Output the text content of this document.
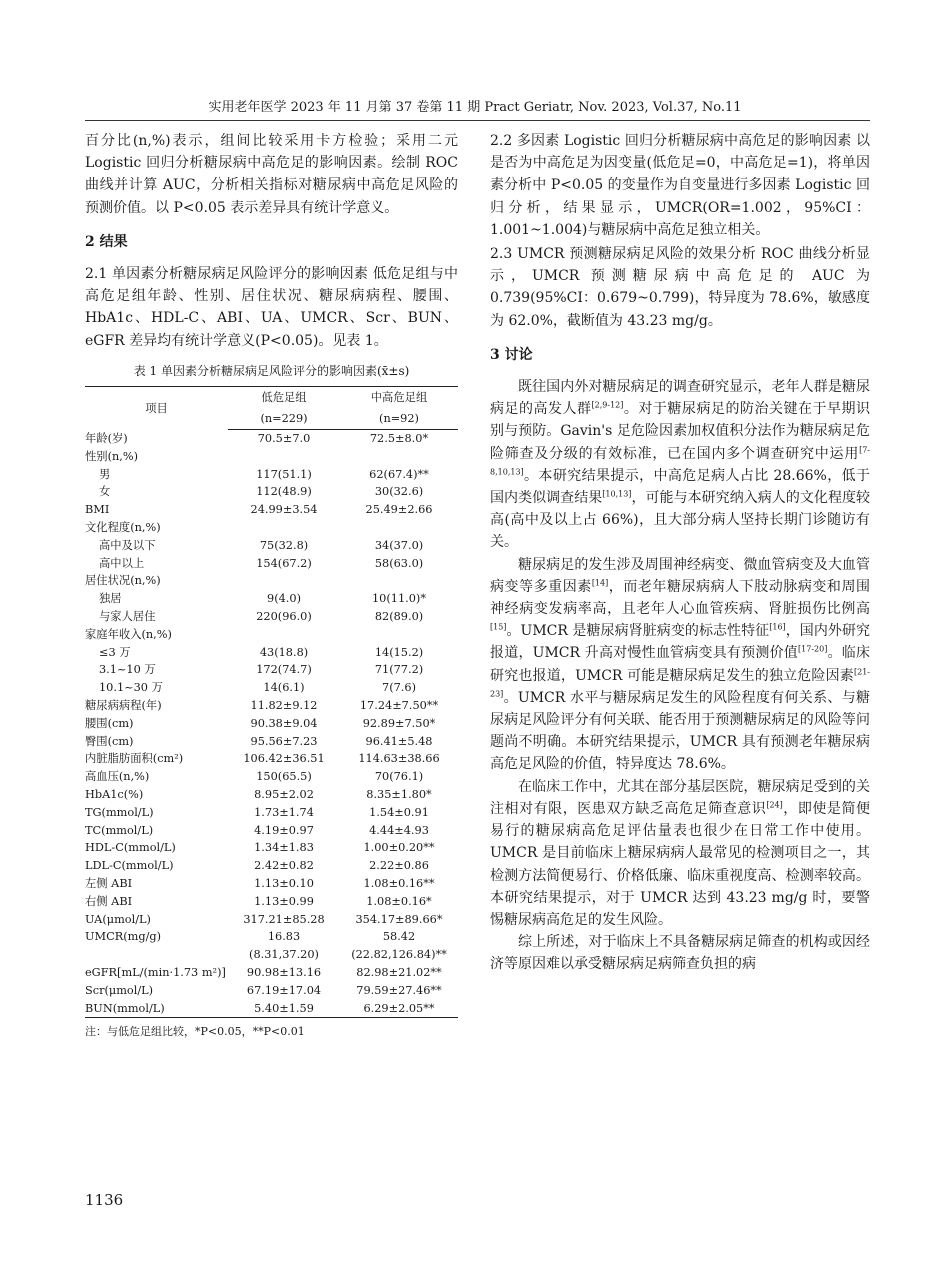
实用老年医学 2023 年 11 月第 37 卷第 11 期 Pract Geriatr, Nov. 2023, Vol.37, No.11

百分比(n,%)表示，组间比较采用卡方检验；采用二元 Logistic 回归分析糖尿病中高危足的影响因素。绘制 ROC 曲线并计算 AUC，分析相关指标对糖尿病中高危足风险的预测价值。以 P<0.05 表示差异具有统计学意义。

2 结果

2.1 单因素分析糖尿病足风险评分的影响因素 低危足组与中高危足组年龄、性别、居住状况、糖尿病病程、腰围、HbA1c、HDL-C、ABI、UA、UMCR、Scr、BUN、eGFR 差异均有统计学意义(P<0.05)。见表 1。

表 1 单因素分析糖尿病足风险评分的影响因素(x̄±s)
项目	低危足组	中高危足组
	(n=229)	(n=92)
年龄(岁)	70.5±7.0	72.5±8.0*
性别(n,%)		
男	117(51.1)	62(67.4)**
女	112(48.9)	30(32.6)
BMI	24.99±3.54	25.49±2.66
文化程度(n,%)		
高中及以下	75(32.8)	34(37.0)
高中以上	154(67.2)	58(63.0)
居住状况(n,%)		
独居	9(4.0)	10(11.0)*
与家人居住	220(96.0)	82(89.0)
家庭年收入(n,%)		
≤3 万	43(18.8)	14(15.2)
3.1~10 万	172(74.7)	71(77.2)
10.1~30 万	14(6.1)	7(7.6)
糖尿病病程(年)	11.82±9.12	17.24±7.50**
腰围(cm)	90.38±9.04	92.89±7.50*
臀围(cm)	95.56±7.23	96.41±5.48
内脏脂肪面积(cm²)	106.42±36.51	114.63±38.66
高血压(n,%)	150(65.5)	70(76.1)
HbA1c(%)	8.95±2.02	8.35±1.80*
TG(mmol/L)	1.73±1.74	1.54±0.91
TC(mmol/L)	4.19±0.97	4.44±4.93
HDL-C(mmol/L)	1.34±1.83	1.00±0.20**
LDL-C(mmol/L)	2.42±0.82	2.22±0.86
左侧 ABI	1.13±0.10	1.08±0.16**
右侧 ABI	1.13±0.99	1.08±0.16*
UA(μmol/L)	317.21±85.28	354.17±89.66*
UMCR(mg/g)	16.83	58.42
	(8.31,37.20)	(22.82,126.84)**
eGFR[mL/(min·1.73 m²)]	90.98±13.16	82.98±21.02**
Scr(μmol/L)	67.19±17.04	79.59±27.46**
BUN(mmol/L)	5.40±1.59	6.29±2.05**
注：与低危足组比较，*P<0.05，**P<0.01

2.2 多因素 Logistic 回归分析糖尿病中高危足的影响因素 以是否为中高危足为因变量(低危足=0，中高危足=1)，将单因素分析中 P<0.05 的变量作为自变量进行多因素 Logistic 回归分析，结果显示，UMCR(OR=1.002，95%CI：1.001~1.004)与糖尿病中高危足独立相关。

2.3 UMCR 预测糖尿病足风险的效果分析 ROC 曲线分析显示，UMCR 预测糖尿病中高危足的 AUC 为 0.739(95%CI：0.679~0.799)，特异度为 78.6%，敏感度为 62.0%，截断值为 43.23 mg/g。

3 讨论

既往国内外对糖尿病足的调查研究显示，老年人群是糖尿病足的高发人群[2,9-12]。对于糖尿病足的防治关键在于早期识别与预防。Gavin's 足危险因素加权值积分法作为糖尿病足危险筛查及分级的有效标准，已在国内多个调查研究中运用[7-8,10,13]。本研究结果提示，中高危足病人占比 28.66%，低于国内类似调查结果[10,13]，可能与本研究纳入病人的文化程度较高(高中及以上占 66%)，且大部分病人坚持长期门诊随访有关。

糖尿病足的发生涉及周围神经病变、微血管病变及大血管病变等多重因素[14]，而老年糖尿病病人下肢动脉病变和周围神经病变发病率高，且老年人心血管疾病、肾脏损伤比例高[15]。UMCR 是糖尿病肾脏病变的标志性特征[16]，国内外研究报道，UMCR 升高对慢性血管病变具有预测价值[17-20]。临床研究也报道，UMCR 可能是糖尿病足发生的独立危险因素[21-23]。UMCR 水平与糖尿病足发生的风险程度有何关系、与糖尿病足风险评分有何关联、能否用于预测糖尿病足的风险等问题尚不明确。本研究结果提示，UMCR 具有预测老年糖尿病高危足风险的价值，特异度达 78.6%。

在临床工作中，尤其在部分基层医院，糖尿病足受到的关注相对有限，医患双方缺乏高危足筛查意识[24]，即使是简便易行的糖尿病高危足评估量表也很少在日常工作中使用。UMCR 是目前临床上糖尿病病人最常见的检测项目之一，其检测方法简便易行、价格低廉、临床重视度高、检测率较高。本研究结果提示，对于 UMCR 达到 43.23 mg/g 时，要警惕糖尿病高危足的发生风险。

综上所述，对于临床上不具备糖尿病足筛查的机构或因经济等原因难以承受糖尿病足病筛查负担的病

1136
